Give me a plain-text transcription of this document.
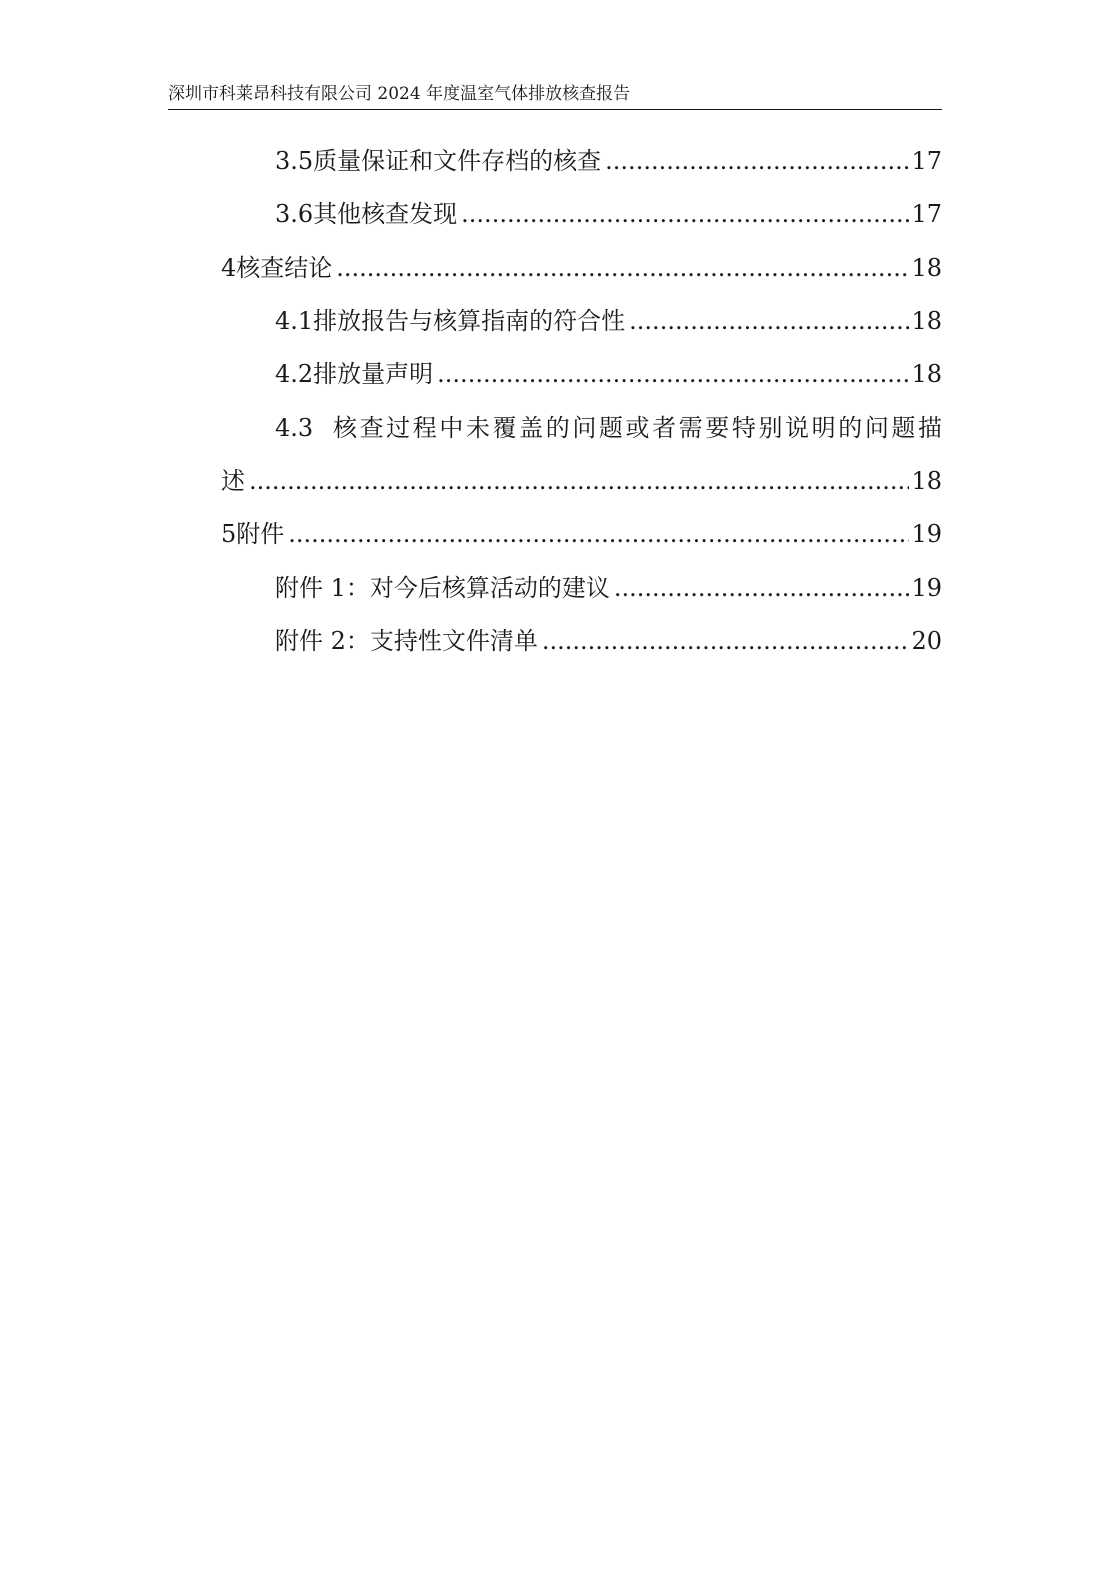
深圳市科莱昂科技有限公司 2024 年度温室气体排放核查报告
3.5 质量保证和文件存档的核查 .....	17
3.6 其他核查发现 .....	17
4 核查结论 .....	18
4.1 排放报告与核算指南的符合性 .....	18
4.2 排放量声明 .....	18
4.3 核查过程中未覆盖的问题或者需要特别说明的问题描
述 .....	18
5 附件 .....	19
附件 1：对今后核算活动的建议 .....	19
附件 2：支持性文件清单 .....	20
